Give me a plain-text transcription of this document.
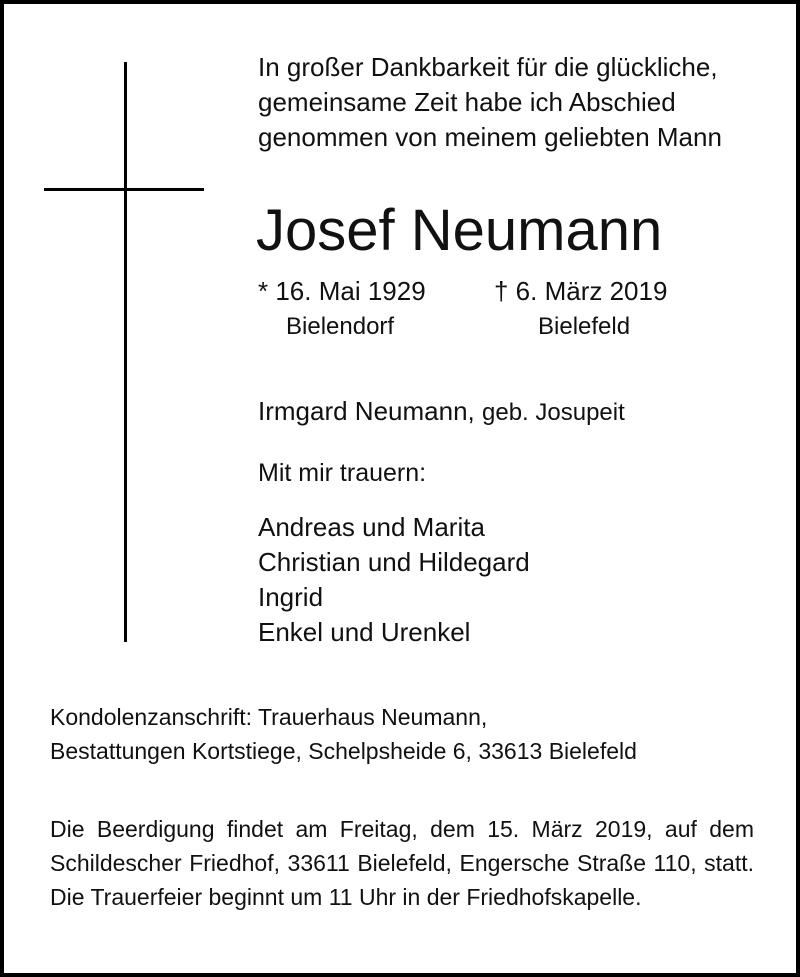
In großer Dankbarkeit für die glückliche,
gemeinsame Zeit habe ich Abschied
genommen von meinem geliebten Mann

Josef Neumann
* 16. Mai 1929
Bielendorf
† 6. März 2019
Bielefeld
Irmgard Neumann, geb. Josupeit
Mit mir trauern:
Andreas und Marita
Christian und Hildegard
Ingrid
Enkel und Urenkel
Kondolenzanschrift: Trauerhaus Neumann,
Bestattungen Kortstiege, Schelpsheide 6, 33613 Bielefeld

Die Beerdigung findet am Freitag, dem 15. März 2019, auf dem Schildescher Friedhof, 33611 Bielefeld, Engersche Straße 110, statt. Die Trauerfeier beginnt um 11 Uhr in der Friedhofskapelle.
